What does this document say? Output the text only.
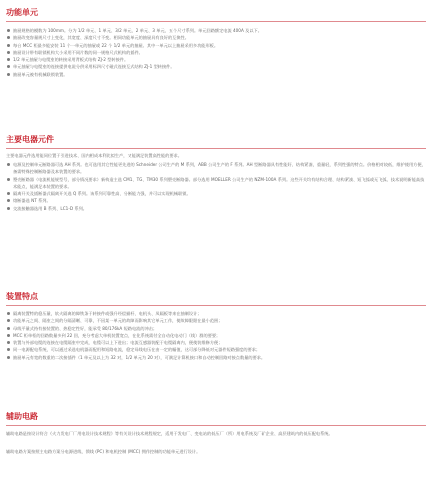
功能单元
抽屉规格的模数为 100mm。分为 1/2 单元、1 单元、3/2 单元、2 单元、3 单元、五个尺寸系列。单元回路额定电流 400A 及以下。
抽屉改变容量规尺寸上变化，其宽度、深度尺寸不变。相同功能单元的抽屉具有良好的互换性。
每台 MCC 柜最多能安装 11 个一单元的抽屉或 22 个 1/2 单元的抽屉。其中一单元以上抽屉采用多功能形板。
抽屉设计带有联锁机构大小采用不同片数的同一规格尺式机构的插件。
1/2 单元抽屉与电缆室的转接采用背板式结构 ZJ-2 型转接件。
单元抽屉与电缆室的连接提供电说分供采用标四尺寸碰式连接互式结构 ZJ-1 型转接件。
抽屉单元被有机械联锁装置。
主要电器元件
主要电器元件选用能同位置于引进技术、国内相成本利比拟生产，又能满足装置高性能的要求。
电源及控制单元断路器可选 AH 系列。也可选用其它性能更先进的 Schneider 公司生产的 M 系列，ABB 公司生产的 F 系列。AH 型断路器具有性能好、结构紧凑，重量轻，系列性强的特点。价格相对较低，维护使用方便，备需特殊控制断路器及本装置的要求。
塑壳断路器（电流机能规型号，部分情况要求）新构造主选 CM1、TG、TM30 系列塑壳断路器。部分选用 MOELLER 公司生产的 NZM-100A 系列。这些开关均有结构合理、结构紧凑、短飞弧或无飞弧、技术说明新能高技术能点，能满足本装置的要求。
隔离开关及插断器式隔离开关选 Q 系列。该系列可靠性高、分断能力强，并可以实现机械联锁。
熔断器选 NT 系列。
交流接触器选用 B 系列、LC1-D 系列。
装置特点
隔离装置特的稳压量，软火隔离的障铁条于转接件或强升经偿描杆、电机头、凤隔板等来在抽制设计；
功能单元之间、隔室之间的分隔清晰、可靠，不因某一单元的故障而影响其它单元工作，使故障限限在最小范围；
母线平量式持有接装置的、热稳定性好，能承受 80/176kA 短路电流的冲击；
MCC 柜单柜的回路数量多到 22 回，充分考虑大单机装置宽点，在化系统需付全自动化电动门（线）群的要要；
装置与外部电缆的连接在电缆隔室中完成，电缆可以上下进出；电流互感器装配于电缆隔离内，便使装维修方便；
同一电源配电系统，可以通过采选电机器而配用和短路电流，稳定母线电压在由一定的幅值，这可部分降低对元器件短路强度的要求；
抽屉单元有宽的数重的二次接插件（1 单元及以上为 32 对，1/2 单元为 20 对），可满足计算机接口和自动控制回路对接点数量的要求。
辅助电路
辅助电路是按设计符合《火力发电厂厂用电设计技术规程》等有关设计技术规程规定，适用于发电厂、变电站的低压厂（所）用电系统及厂矿企业、高层建筑内的低压配电系统。
辅助电路方案按照主电路方案分电源进线、馈线 (PC) 和电机控制 (MCC) 拥作控制的功能单元进行设计。
